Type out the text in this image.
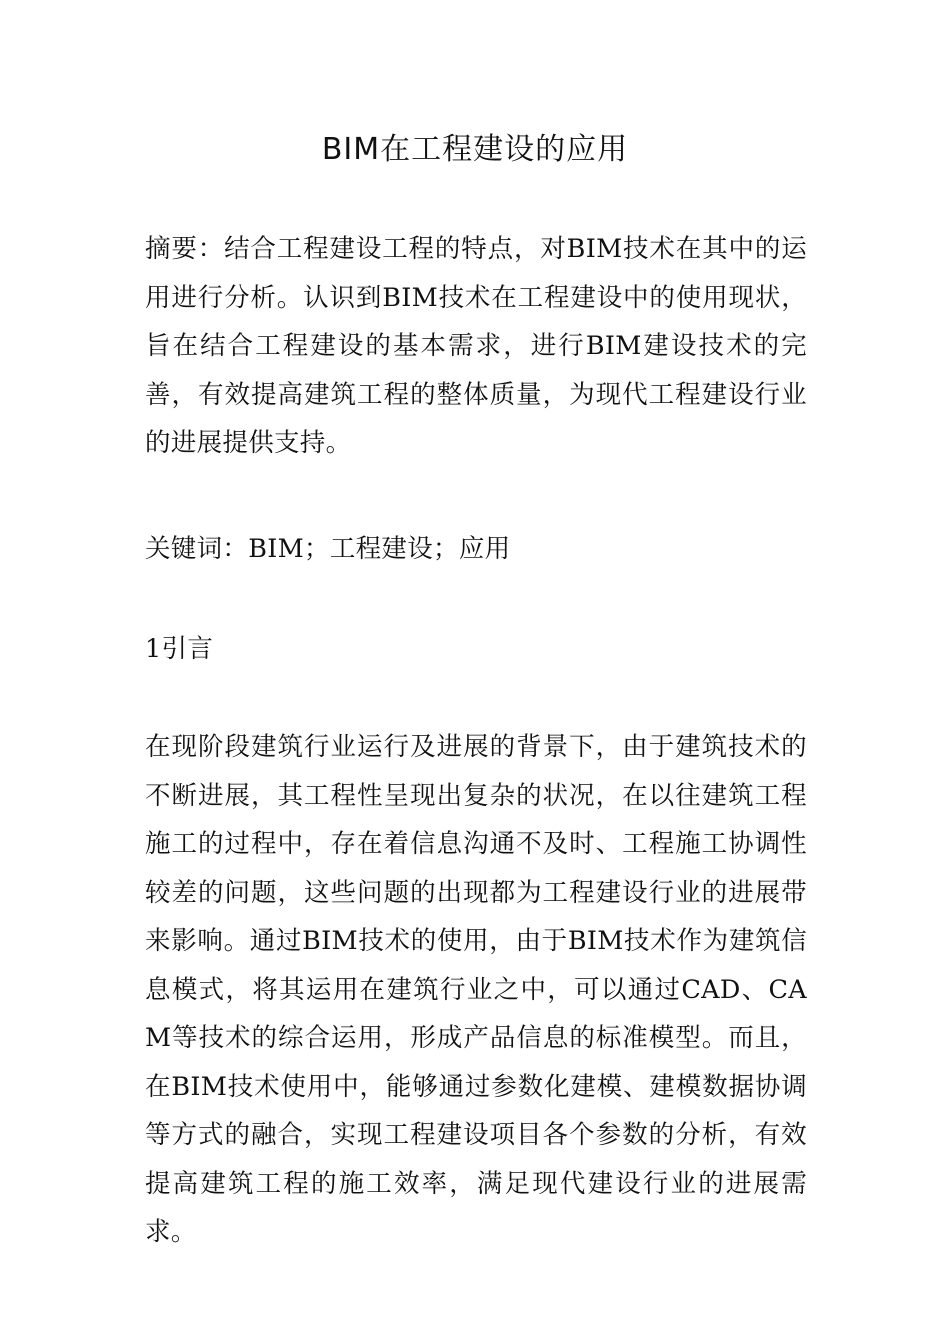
BIM在工程建设的应用

摘要：结合工程建设工程的特点，对BIM技术在其中的运用进行分析。认识到BIM技术在工程建设中的使用现状，旨在结合工程建设的基本需求，进行BIM建设技术的完善，有效提高建筑工程的整体质量，为现代工程建设行业的进展提供支持。

关键词：BIM；工程建设；应用

1引言

在现阶段建筑行业运行及进展的背景下，由于建筑技术的不断进展，其工程性呈现出复杂的状况，在以往建筑工程施工的过程中，存在着信息沟通不及时、工程施工协调性较差的问题，这些问题的出现都为工程建设行业的进展带来影响。通过BIM技术的使用，由于BIM技术作为建筑信息模式，将其运用在建筑行业之中，可以通过CAD、CAM等技术的综合运用，形成产品信息的标准模型。而且，在BIM技术使用中，能够通过参数化建模、建模数据协调等方式的融合，实现工程建设项目各个参数的分析，有效提高建筑工程的施工效率，满足现代建设行业的进展需求。
